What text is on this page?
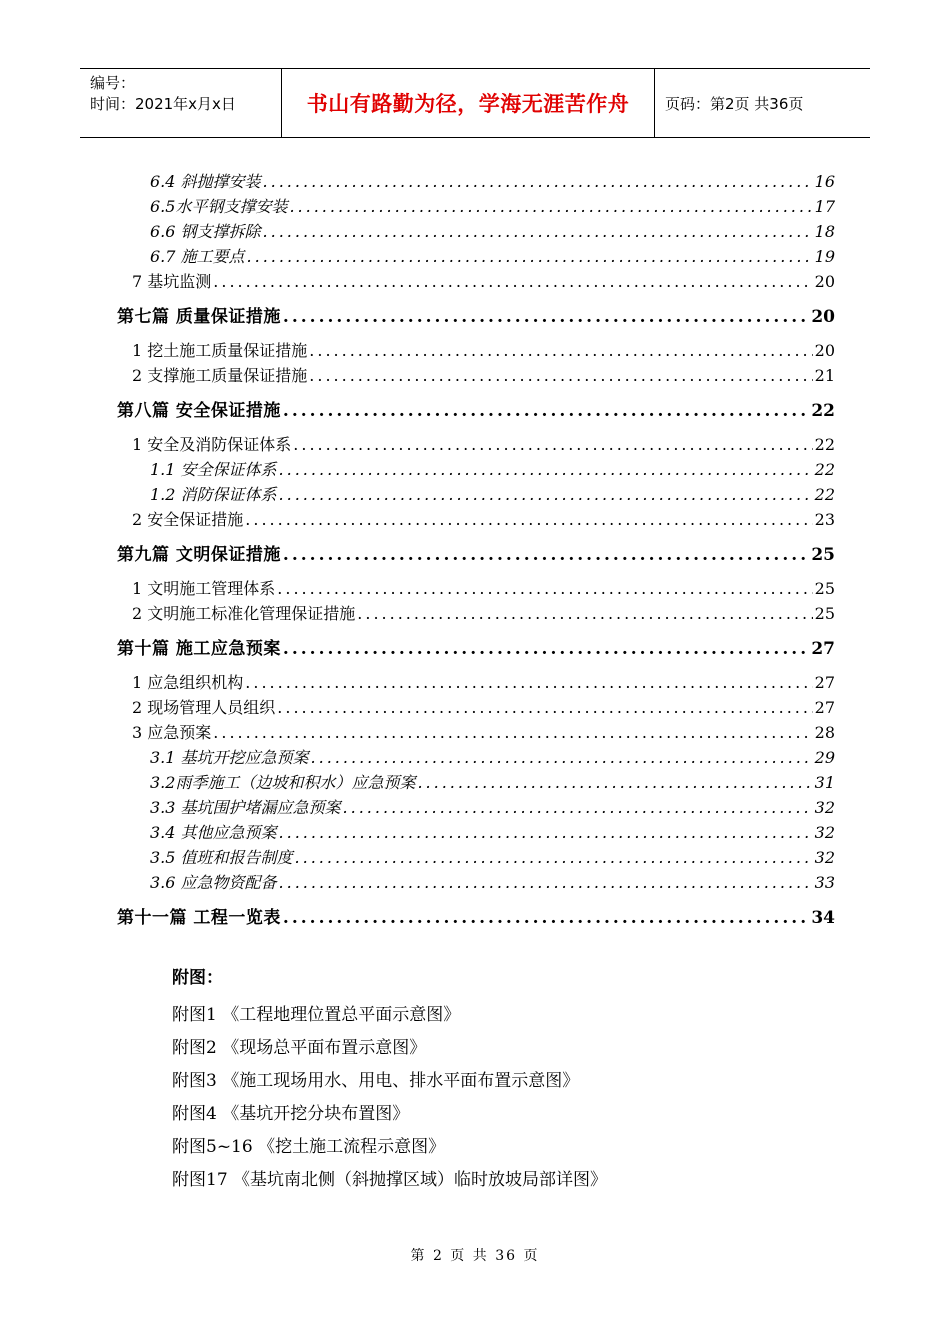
编号：
时间：2021年x月x日	书山有路勤为径，学海无涯苦作舟	页码：第2页 共36页
6.4 斜抛撑安装 .....	16
6.5水平钢支撑安装 .....	17
6.6 钢支撑拆除 .....	18
6.7 施工要点 .....	19
7 基坑监测 .....	20
第七篇 质量保证措施 .....	20
1 挖土施工质量保证措施 .....	20
2 支撑施工质量保证措施 .....	21
第八篇 安全保证措施 .....	22
1 安全及消防保证体系 .....	22
1.1 安全保证体系 .....	22
1.2 消防保证体系 .....	22
2 安全保证措施 .....	23
第九篇 文明保证措施 .....	25
1 文明施工管理体系 .....	25
2 文明施工标准化管理保证措施 .....	25
第十篇 施工应急预案 .....	27
1 应急组织机构 .....	27
2 现场管理人员组织 .....	27
3 应急预案 .....	28
3.1 基坑开挖应急预案 .....	29
3.2雨季施工（边坡和积水）应急预案 .....	31
3.3 基坑围护堵漏应急预案 .....	32
3.4 其他应急预案 .....	32
3.5 值班和报告制度 .....	32
3.6 应急物资配备 .....	33
第十一篇 工程一览表 .....	34
附图：
附图1 《工程地理位置总平面示意图》
附图2 《现场总平面布置示意图》
附图3 《施工现场用水、用电、排水平面布置示意图》
附图4 《基坑开挖分块布置图》
附图5~16 《挖土施工流程示意图》
附图17 《基坑南北侧（斜抛撑区域）临时放坡局部详图》
第 2 页 共 36 页
